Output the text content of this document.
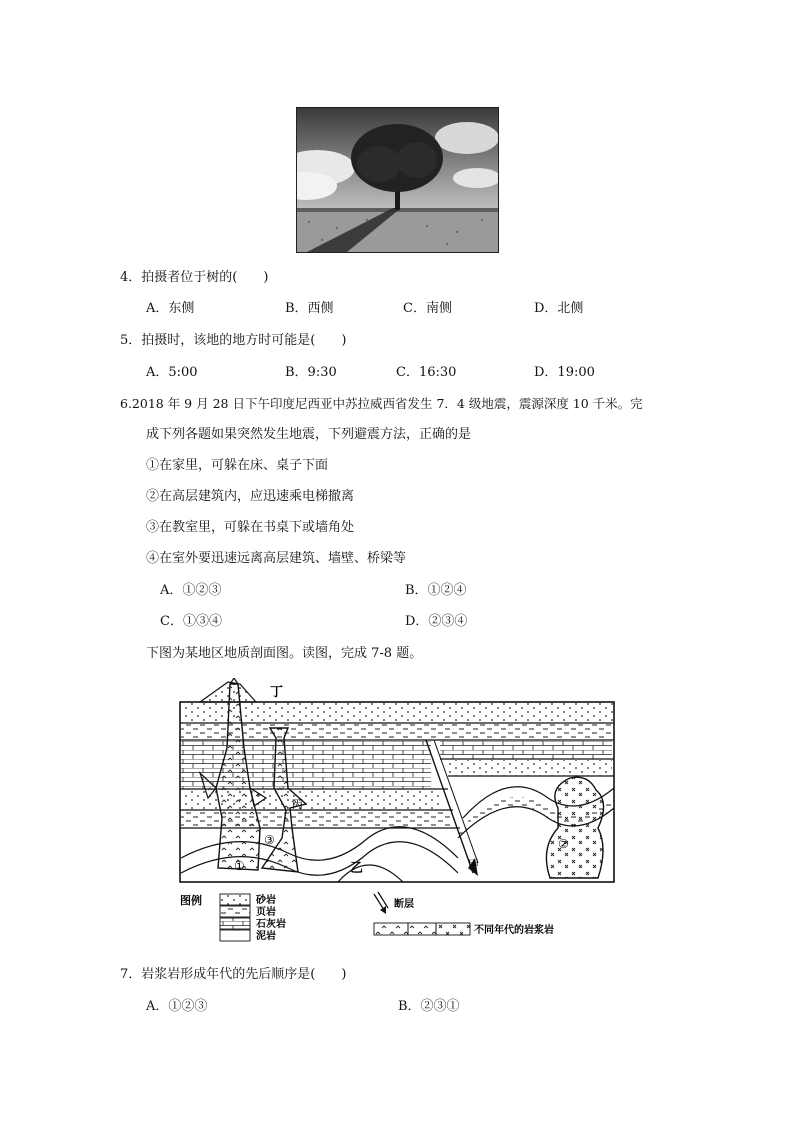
4．拍摄者位于树的(　　)
A．东侧	B．西侧	C．南侧	D．北侧
5．拍摄时，该地的地方时可能是(　　)
A．5:00	B．9:30	C．16:30	D．19:00
6.2018 年 9 月 28 日下午印度尼西亚中苏拉威西省发生 7．4 级地震，震源深度 10 千米。完
成下列各题如果突然发生地震，下列避震方法，正确的是
①在家里，可躲在床、桌子下面
②在高层建筑内，应迅速乘电梯撤离
③在教室里，可躲在书桌下或墙角处
④在室外要迅速远离高层建筑、墙壁、桥梁等
A．①②③	B．①②④
C．①③④	D．②③④
下图为某地区地质剖面图。读图，完成 7-8 题。
丁
丙
乙	甲
①
②
③
图例	砂岩
页岩
石灰岩
泥岩
断层
不同年代的岩浆岩
7．岩浆岩形成年代的先后顺序是(　　)
A．①②③	B．②③①
